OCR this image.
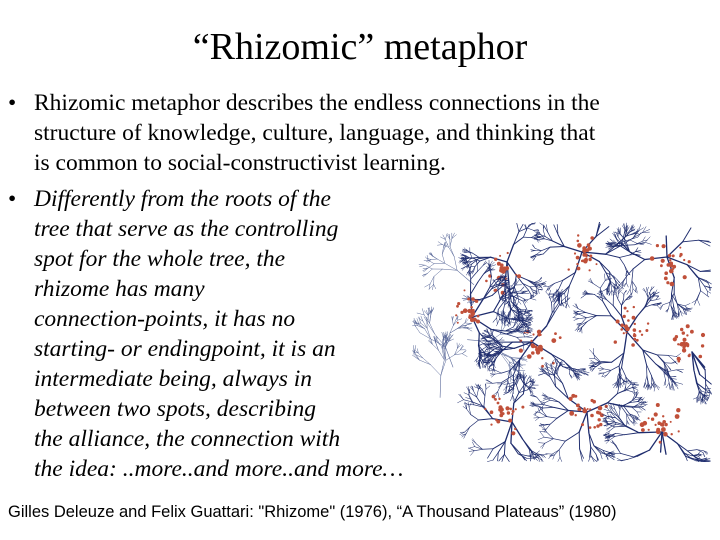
“Rhizomic” metaphor
• Rhizomic metaphor describes the endless connections in the
structure of knowledge, culture, language, and thinking that
is common to social-constructivist learning.
• Differently from the roots of the
tree that serve as the controlling
spot for the whole tree, the
rhizome has many
connection-points, it has no
starting- or endingpoint, it is an
intermediate being, always in
between two spots, describing
the alliance, the connection with
the idea: ..more..and more..and more…
Gilles Deleuze and Felix Guattari: "Rhizome" (1976), “A Thousand Plateaus” (1980)
